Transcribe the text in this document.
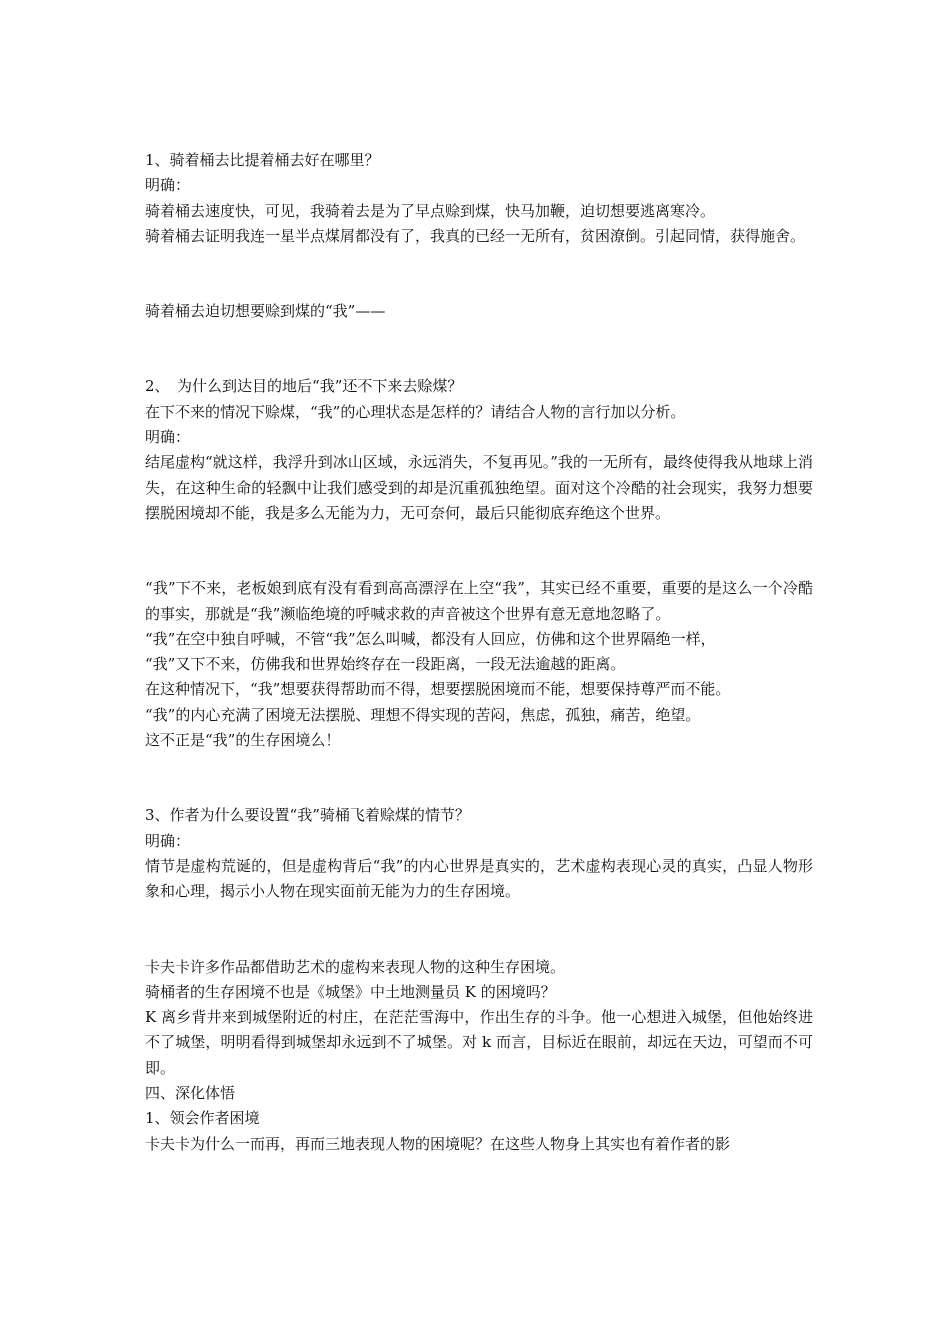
1、骑着桶去比提着桶去好在哪里？
明确：
骑着桶去速度快，可见，我骑着去是为了早点赊到煤，快马加鞭，迫切想要逃离寒冷。
骑着桶去证明我连一星半点煤屑都没有了，我真的已经一无所有，贫困潦倒。引起同情，获得施舍。
骑着桶去迫切想要赊到煤的“我”——
2、　为什么到达目的地后“我”还不下来去赊煤？
在下不来的情况下赊煤，“我”的心理状态是怎样的？请结合人物的言行加以分析。
明确：
结尾虚构“就这样，我浮升到冰山区域，永远消失，不复再见。”我的一无所有，最终使得我从地球上消失，在这种生命的轻飘中让我们感受到的却是沉重孤独绝望。面对这个冷酷的社会现实，我努力想要摆脱困境却不能，我是多么无能为力，无可奈何，最后只能彻底弃绝这个世界。
“我”下不来，老板娘到底有没有看到高高漂浮在上空“我”，其实已经不重要，重要的是这么一个冷酷的事实，那就是“我”濒临绝境的呼喊求救的声音被这个世界有意无意地忽略了。
“我”在空中独自呼喊，不管“我”怎么叫喊，都没有人回应，仿佛和这个世界隔绝一样，
“我”又下不来，仿佛我和世界始终存在一段距离，一段无法逾越的距离。
在这种情况下，“我”想要获得帮助而不得，想要摆脱困境而不能，想要保持尊严而不能。
“我”的内心充满了困境无法摆脱、理想不得实现的苦闷，焦虑，孤独，痛苦，绝望。
这不正是“我”的生存困境么！
3、作者为什么要设置“我”骑桶飞着赊煤的情节？
明确：
情节是虚构荒诞的，但是虚构背后“我”的内心世界是真实的，艺术虚构表现心灵的真实，凸显人物形象和心理，揭示小人物在现实面前无能为力的生存困境。
卡夫卡许多作品都借助艺术的虚构来表现人物的这种生存困境。
骑桶者的生存困境不也是《城堡》中土地测量员 K 的困境吗？
K 离乡背井来到城堡附近的村庄，在茫茫雪海中，作出生存的斗争。他一心想进入城堡，但他始终进不了城堡，明明看得到城堡却永远到不了城堡。对 k 而言，目标近在眼前，却远在天边，可望而不可即。
四、深化体悟
1、领会作者困境
卡夫卡为什么一而再，再而三地表现人物的困境呢？在这些人物身上其实也有着作者的影
